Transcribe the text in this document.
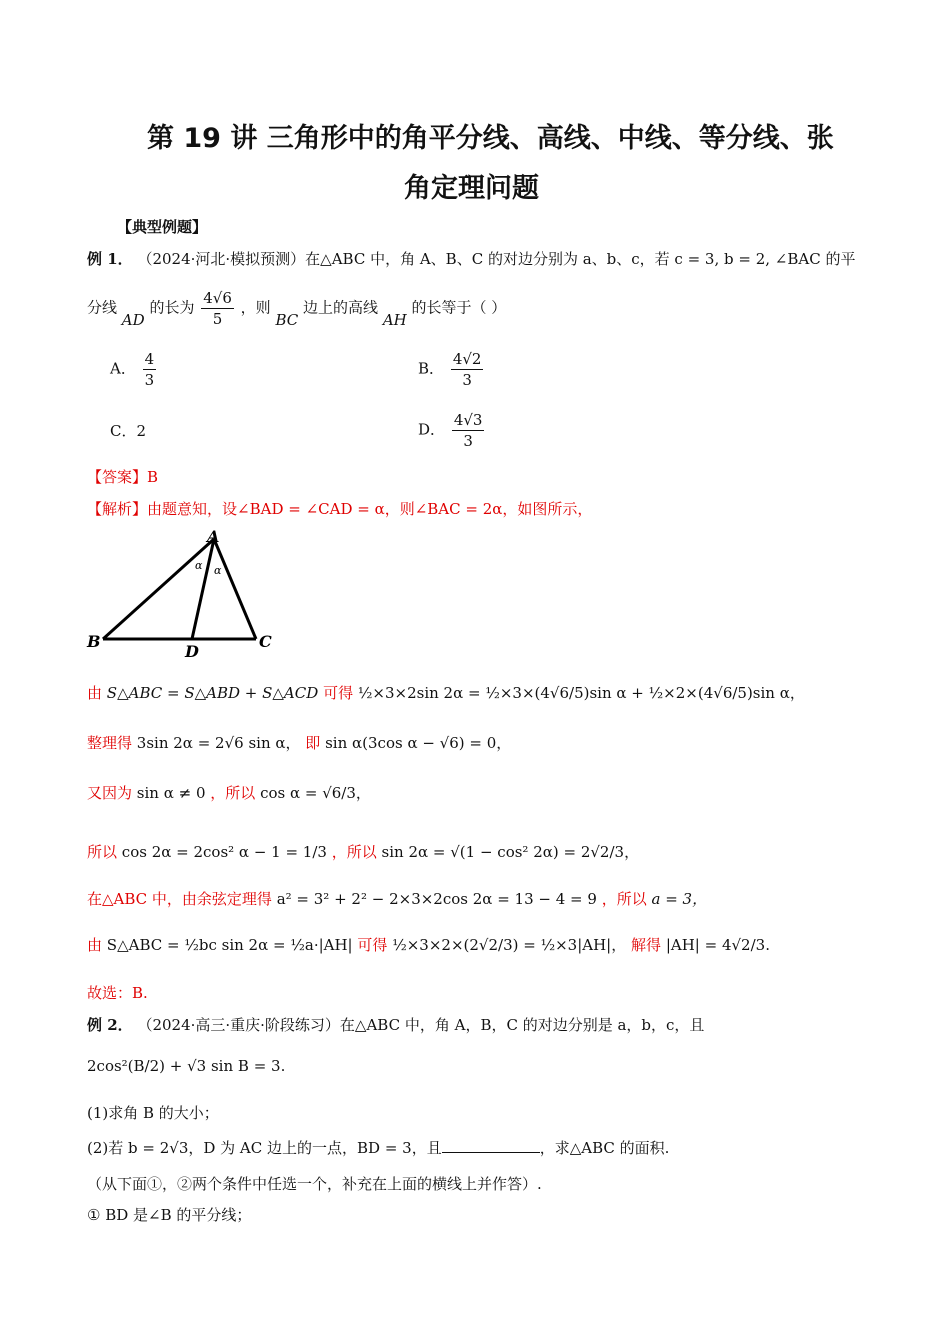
第 19 讲 三角形中的角平分线、高线、中线、等分线、张
角定理问题
【典型例题】
例 1． （2024·河北·模拟预测）在△ABC 中，角 A、B、C 的对边分别为 a、b、c，若 c = 3, b = 2, ∠BAC 的平
分线 AD 的长为 $\frac{4√6}{5}$ ，则 BC 边上的高线 AH 的长等于（ ）
A． $\frac{4}{3}$	B． $\frac{4√2}{3}$
C．2	D． $\frac{4√3}{3}$
【答案】B
【解析】由题意知，设∠BAD = ∠CAD = α，则∠BAC = 2α，如图所示，
A
B	C
D
α α
由 S△ABC = S△ABD + S△ACD 可得 ½×3×2sin 2α = ½×3×(4√6/5)sin α + ½×2×(4√6/5)sin α，
整理得 3sin 2α = 2√6 sin α， 即 sin α(3cos α − √6) = 0，
又因为 sin α ≠ 0 ，所以 cos α = √6/3，
所以 cos 2α = 2cos² α − 1 = 1/3 ，所以 sin 2α = √(1 − cos² 2α) = 2√2/3，
在△ABC 中，由余弦定理得 a² = 3² + 2² − 2×3×2cos 2α = 13 − 4 = 9 ，所以 a = 3，
由 S△ABC = ½bc sin 2α = ½a·|AH| 可得 ½×3×2×(2√2/3) = ½×3|AH|， 解得 |AH| = 4√2/3.
故选：B.
例 2． （2024·高三·重庆·阶段练习）在△ABC 中，角 A，B，C 的对边分别是 a，b，c，且
2cos²(B/2) + √3 sin B = 3.
(1)求角 B 的大小；
(2)若 b = 2√3，D 为 AC 边上的一点，BD = 3，且	，求△ABC 的面积.
（从下面①，②两个条件中任选一个，补充在上面的横线上并作答）.
① BD 是∠B 的平分线；
